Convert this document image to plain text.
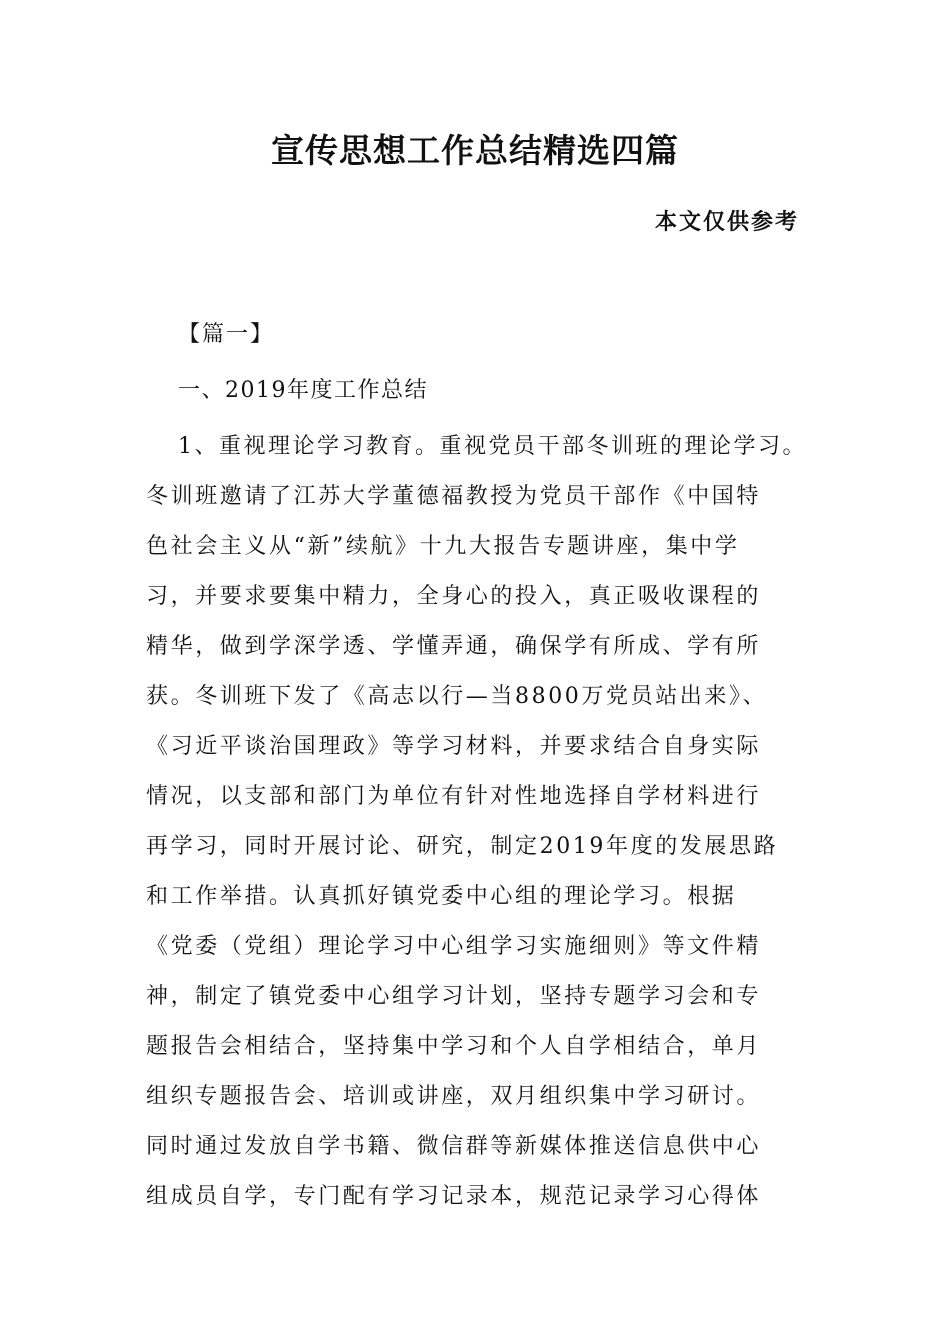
宣传思想工作总结精选四篇
本文仅供参考
【篇一】
一、2019年度工作总结
1、重视理论学习教育。重视党员干部冬训班的理论学习。
冬训班邀请了江苏大学董德福教授为党员干部作《中国特
色社会主义从“新”续航》十九大报告专题讲座，集中学
习，并要求要集中精力，全身心的投入，真正吸收课程的
精华，做到学深学透、学懂弄通，确保学有所成、学有所
获。冬训班下发了《高志以行—当8800万党员站出来》、
《习近平谈治国理政》等学习材料，并要求结合自身实际
情况，以支部和部门为单位有针对性地选择自学材料进行
再学习，同时开展讨论、研究，制定2019年度的发展思路
和工作举措。认真抓好镇党委中心组的理论学习。根据
《党委（党组）理论学习中心组学习实施细则》等文件精
神，制定了镇党委中心组学习计划，坚持专题学习会和专
题报告会相结合，坚持集中学习和个人自学相结合，单月
组织专题报告会、培训或讲座，双月组织集中学习研讨。
同时通过发放自学书籍、微信群等新媒体推送信息供中心
组成员自学，专门配有学习记录本，规范记录学习心得体
